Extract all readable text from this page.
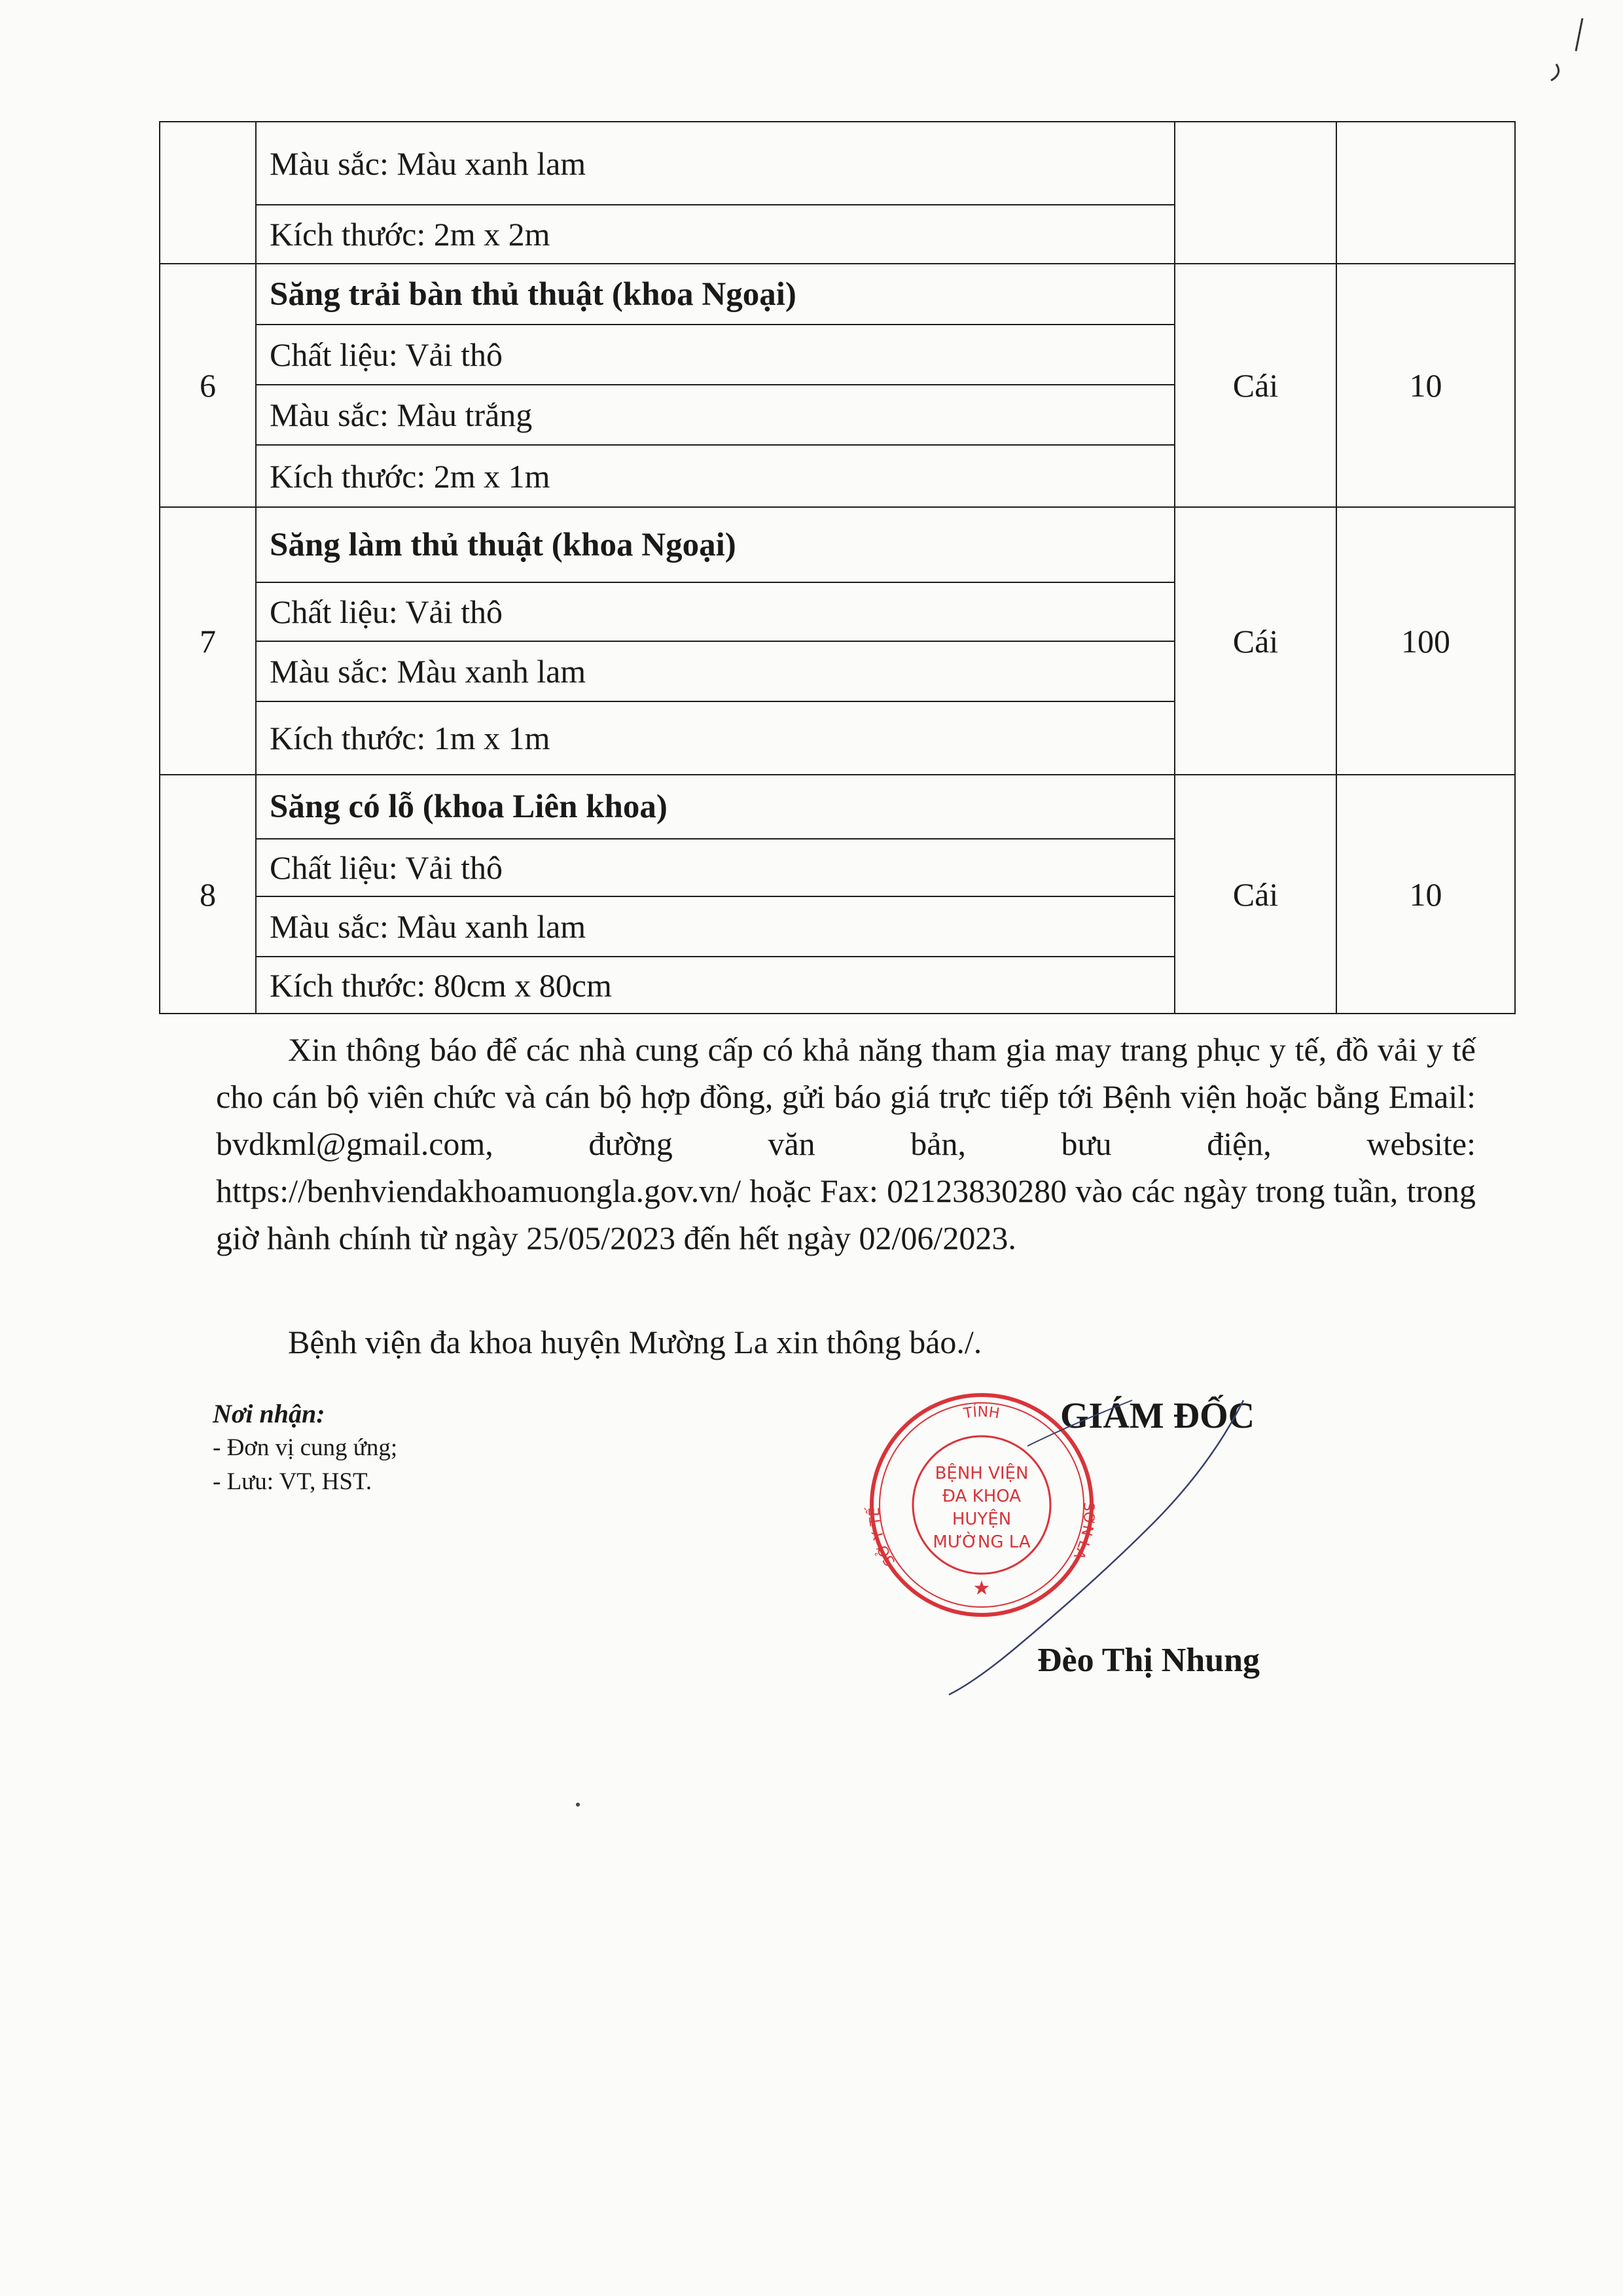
Màu sắc: Màu xanh lam
Kích thước: 2m x 2m		

6	Săng trải bàn thủ thuật (khoa Ngoại)
Chất liệu: Vải thô
Màu sắc: Màu trắng
Kích thước: 2m x 1m	Cái	10
7	Săng làm thủ thuật (khoa Ngoại)
Chất liệu: Vải thô
Màu sắc: Màu xanh lam
Kích thước: 1m x 1m	Cái	100
8	Săng có lỗ (khoa Liên khoa)
Chất liệu: Vải thô
Màu sắc: Màu xanh lam
Kích thước: 80cm x 80cm	Cái	10

Xin thông báo để các nhà cung cấp có khả năng tham gia may trang phục y tế, đồ vải y tế cho cán bộ viên chức và cán bộ hợp đồng, gửi báo giá trực tiếp tới Bệnh viện hoặc bằng Email: bvdkml@gmail.com, đường văn bản, bưu điện, website: https://benhviendakhoamuongla.gov.vn/ hoặc Fax: 02123830280 vào các ngày trong tuần, trong giờ hành chính từ ngày 25/05/2023 đến hết ngày 02/06/2023.

Bệnh viện đa khoa huyện Mường La xin thông báo./.

Nơi nhận:
- Đơn vị cung ứng;
- Lưu: VT, HST.
TỈNH
SỞ Y TẾ
SƠN LA
BỆNH VIỆN
ĐA KHOA
HUYỆN
MƯỜNG LA
★
GIÁM ĐỐC
Đèo Thị Nhung
